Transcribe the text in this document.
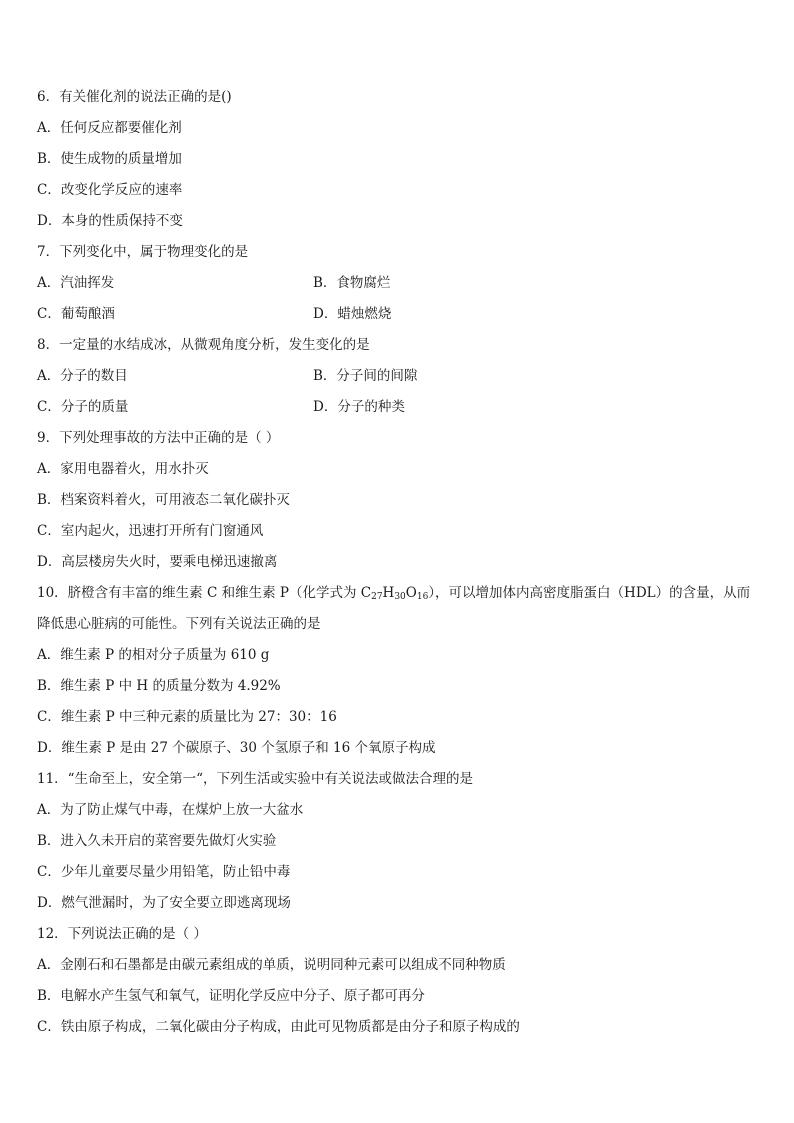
6．有关催化剂的说法正确的是()
A．任何反应都要催化剂
B．使生成物的质量增加
C．改变化学反应的速率
D．本身的性质保持不变
7．下列变化中，属于物理变化的是
A．汽油挥发	B．食物腐烂
C．葡萄酿酒	D．蜡烛燃烧
8．一定量的水结成冰，从微观角度分析，发生变化的是
A．分子的数目	B．分子间的间隙
C．分子的质量	D．分子的种类
9．下列处理事故的方法中正确的是（ ）
A．家用电器着火，用水扑灭
B．档案资料着火，可用液态二氧化碳扑灭
C．室内起火，迅速打开所有门窗通风
D．高层楼房失火时，要乘电梯迅速撤离
10．脐橙含有丰富的维生素 C 和维生素 P（化学式为 $C_{27}H_{30}O_{16}$），可以增加体内高密度脂蛋白（HDL）的含量，从而
降低患心脏病的可能性。下列有关说法正确的是
A．维生素 P 的相对分子质量为 610 g
B．维生素 P 中 H 的质量分数为 4.92%
C．维生素 P 中三种元素的质量比为 27：30：16
D．维生素 P 是由 27 个碳原子、30 个氢原子和 16 个氧原子构成
11．“生命至上，安全第一“，下列生活或实验中有关说法或做法合理的是
A．为了防止煤气中毒，在煤炉上放一大盆水
B．进入久未开启的菜窖要先做灯火实验
C．少年儿童要尽量少用铅笔，防止铅中毒
D．燃气泄漏时，为了安全要立即逃离现场
12．下列说法正确的是（ ）
A．金刚石和石墨都是由碳元素组成的单质，说明同种元素可以组成不同种物质
B．电解水产生氢气和氧气，证明化学反应中分子、原子都可再分
C．铁由原子构成，二氧化碳由分子构成，由此可见物质都是由分子和原子构成的
